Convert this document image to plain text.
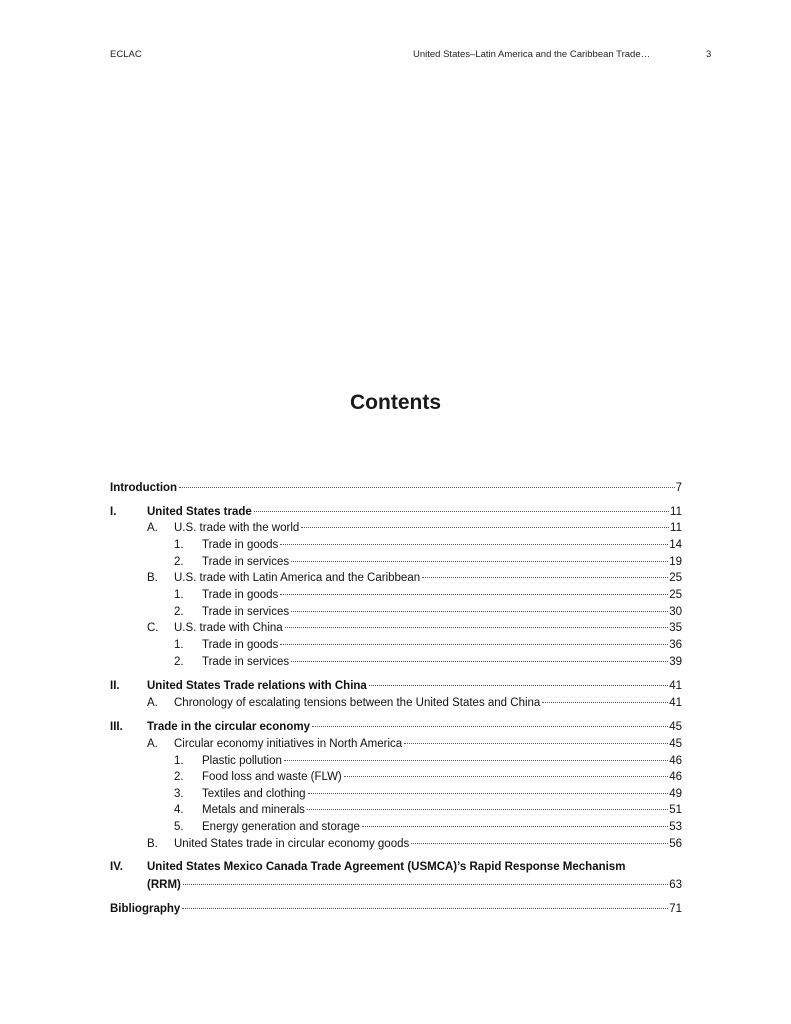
ECLAC	United States–Latin America and the Caribbean Trade…	3
Contents
Introduction	7
I.	United States trade	11
A. U.S. trade with the world	11
1. Trade in goods	14
2. Trade in services	19
B. U.S. trade with Latin America and the Caribbean	25
1. Trade in goods	25
2. Trade in services	30
C. U.S. trade with China	35
1. Trade in goods	36
2. Trade in services	39
II. United States Trade relations with China	41
A. Chronology of escalating tensions between the United States and China	41
III. Trade in the circular economy	45
A. Circular economy initiatives in North America	45
1. Plastic pollution	46
2. Food loss and waste (FLW)	46
3. Textiles and clothing	49
4. Metals and minerals	51
5. Energy generation and storage	53
B. United States trade in circular economy goods	56
IV. United States Mexico Canada Trade Agreement (USMCA)’s Rapid Response Mechanism
(RRM)	63
Bibliography	71
